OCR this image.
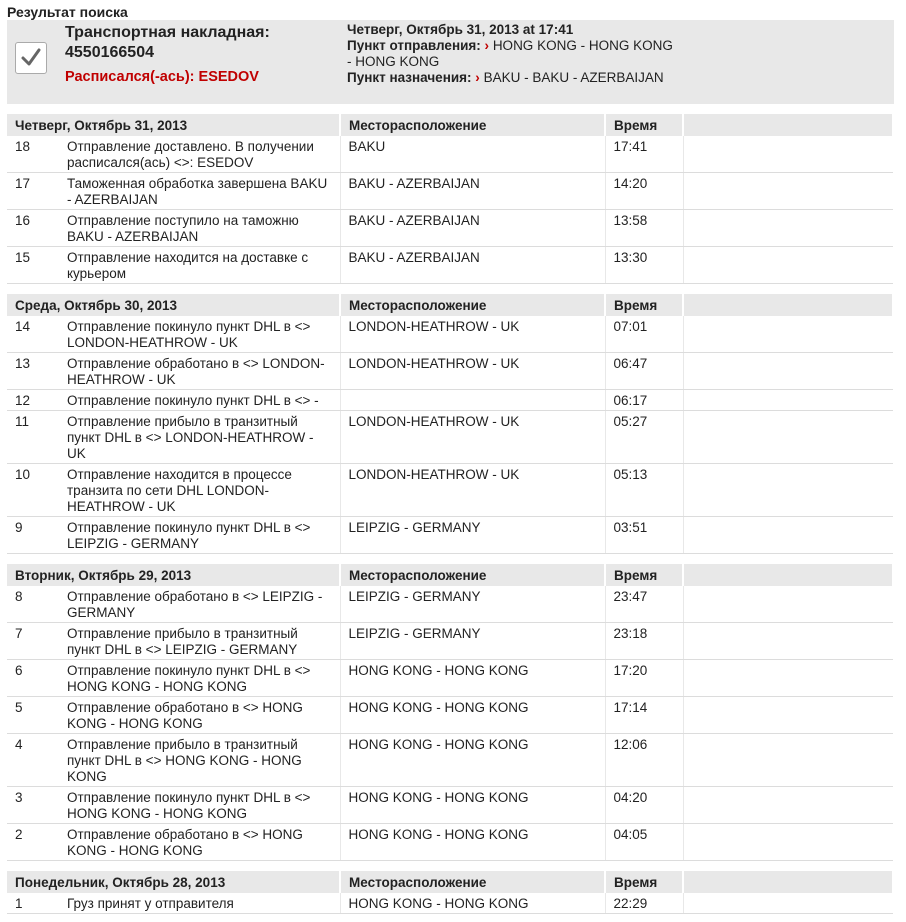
Результат поиска
Транспортная накладная:
4550166504
Расписался(-ась): ESEDOV
Четверг, Октябрь 31, 2013 at 17:41
Пункт отправления: › HONG KONG - HONG KONG - HONG KONG
Пункт назначения: › BAKU - BAKU - AZERBAIJAN
Четверг, Октябрь 31, 2013		Месторасположение	Время	
18	Отправление доставлено. В получении расписался(ась) <>: ESEDOV	BAKU	17:41	
17	Таможенная обработка завершена BAKU - AZERBAIJAN	BAKU - AZERBAIJAN	14:20	
16	Отправление поступило на таможню BAKU - AZERBAIJAN	BAKU - AZERBAIJAN	13:58	
15	Отправление находится на доставке с курьером	BAKU - AZERBAIJAN	13:30	

Среда, Октябрь 30, 2013		Месторасположение	Время	
14	Отправление покинуло пункт DHL в <> LONDON-HEATHROW - UK	LONDON-HEATHROW - UK	07:01	
13	Отправление обработано в <> LONDON-HEATHROW - UK	LONDON-HEATHROW - UK	06:47	
12	Отправление покинуло пункт DHL в <> -		06:17	
11	Отправление прибыло в транзитный пункт DHL в <> LONDON-HEATHROW - UK	LONDON-HEATHROW - UK	05:27	
10	Отправление находится в процессе транзита по сети DHL LONDON-HEATHROW - UK	LONDON-HEATHROW - UK	05:13	
9	Отправление покинуло пункт DHL в <> LEIPZIG - GERMANY	LEIPZIG - GERMANY	03:51	

Вторник, Октябрь 29, 2013		Месторасположение	Время	
8	Отправление обработано в <> LEIPZIG - GERMANY	LEIPZIG - GERMANY	23:47	
7	Отправление прибыло в транзитный пункт DHL в <> LEIPZIG - GERMANY	LEIPZIG - GERMANY	23:18	
6	Отправление покинуло пункт DHL в <> HONG KONG - HONG KONG	HONG KONG - HONG KONG	17:20	
5	Отправление обработано в <> HONG KONG - HONG KONG	HONG KONG - HONG KONG	17:14	
4	Отправление прибыло в транзитный пункт DHL в <> HONG KONG - HONG KONG	HONG KONG - HONG KONG	12:06	
3	Отправление покинуло пункт DHL в <> HONG KONG - HONG KONG	HONG KONG - HONG KONG	04:20	
2	Отправление обработано в <> HONG KONG - HONG KONG	HONG KONG - HONG KONG	04:05	

Понедельник, Октябрь 28, 2013		Месторасположение	Время	
1	Груз принят у отправителя	HONG KONG - HONG KONG	22:29	
